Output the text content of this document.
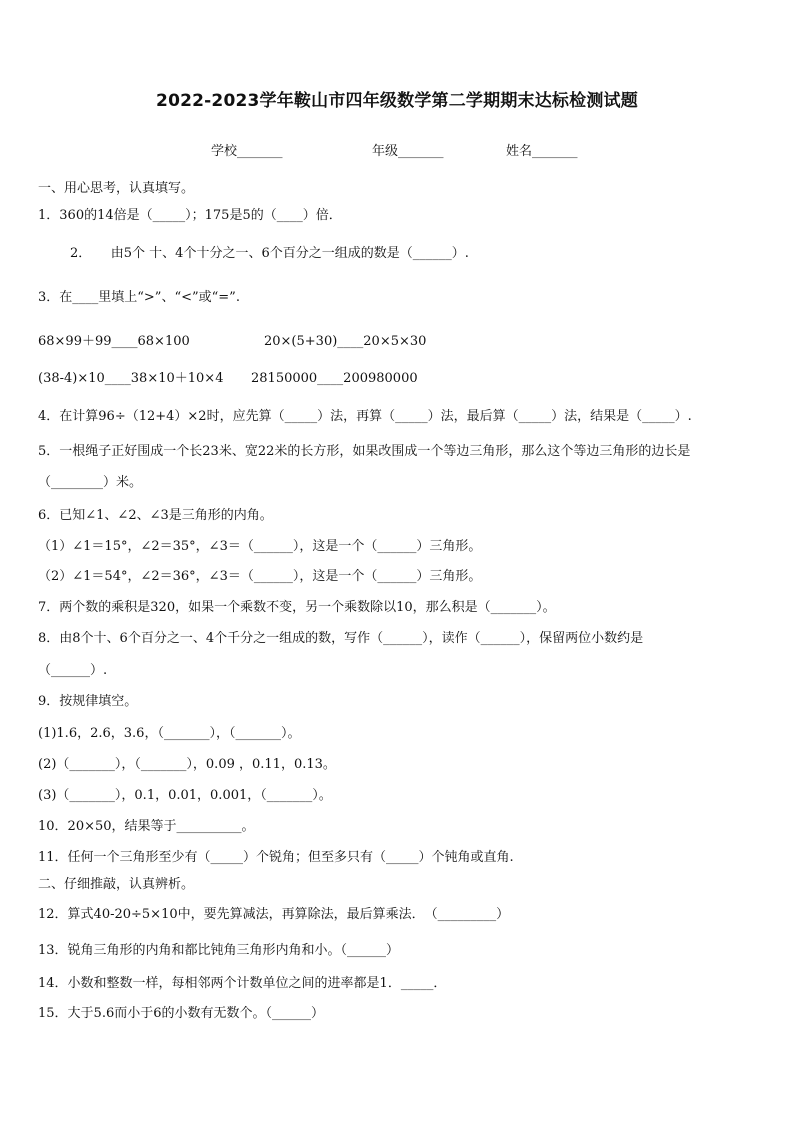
2022-2023学年鞍山市四年级数学第二学期期末达标检测试题
学校_______	年级_______	姓名_______
一、用心思考，认真填写。
1．360的14倍是（_____）；175是5的（____）倍．
2．　　由5个 十、4个十分之一、6个百分之一组成的数是（______）.
3．在____里填上“>”、“<”或“=”.
68×99＋99____68×100	20×(5+30)____20×5×30
(38-4)×10____38×10＋10×4 28150000____200980000
4．在计算96÷（12+4）×2时，应先算（_____）法，再算（_____）法，最后算（_____）法，结果是（_____）.
5．一根绳子正好围成一个长23米、宽22米的长方形，如果改围成一个等边三角形，那么这个等边三角形的边长是
（________）米。
6．已知∠1、∠2、∠3是三角形的内角。
（1）∠1＝15°，∠2＝35°，∠3＝（______），这是一个（______）三角形。
（2）∠1＝54°，∠2＝36°，∠3＝（______），这是一个（______）三角形。
7．两个数的乘积是320，如果一个乘数不变，另一个乘数除以10，那么积是（_______）。
8．由8个十、6个百分之一、4个千分之一组成的数，写作（______），读作（______），保留两位小数约是
（______）.
9．按规律填空。
(1)1.6，2.6，3.6，（_______），（_______）。
(2)（_______），（_______），0.09 ，0.11，0.13。
(3)（_______），0.1，0.01，0.001，（_______）。
10．20×50，结果等于__________。
11．任何一个三角形至少有（_____）个锐角；但至多只有（_____）个钝角或直角.
二、仔细推敲，认真辨析。
12．算式40-20÷5×10中，要先算减法，再算除法，最后算乘法．　（_________）
13．锐角三角形的内角和都比钝角三角形内角和小。（______）
14．小数和整数一样，每相邻两个计数单位之间的进率都是1．_____．
15．大于5.6而小于6的小数有无数个。（______）
